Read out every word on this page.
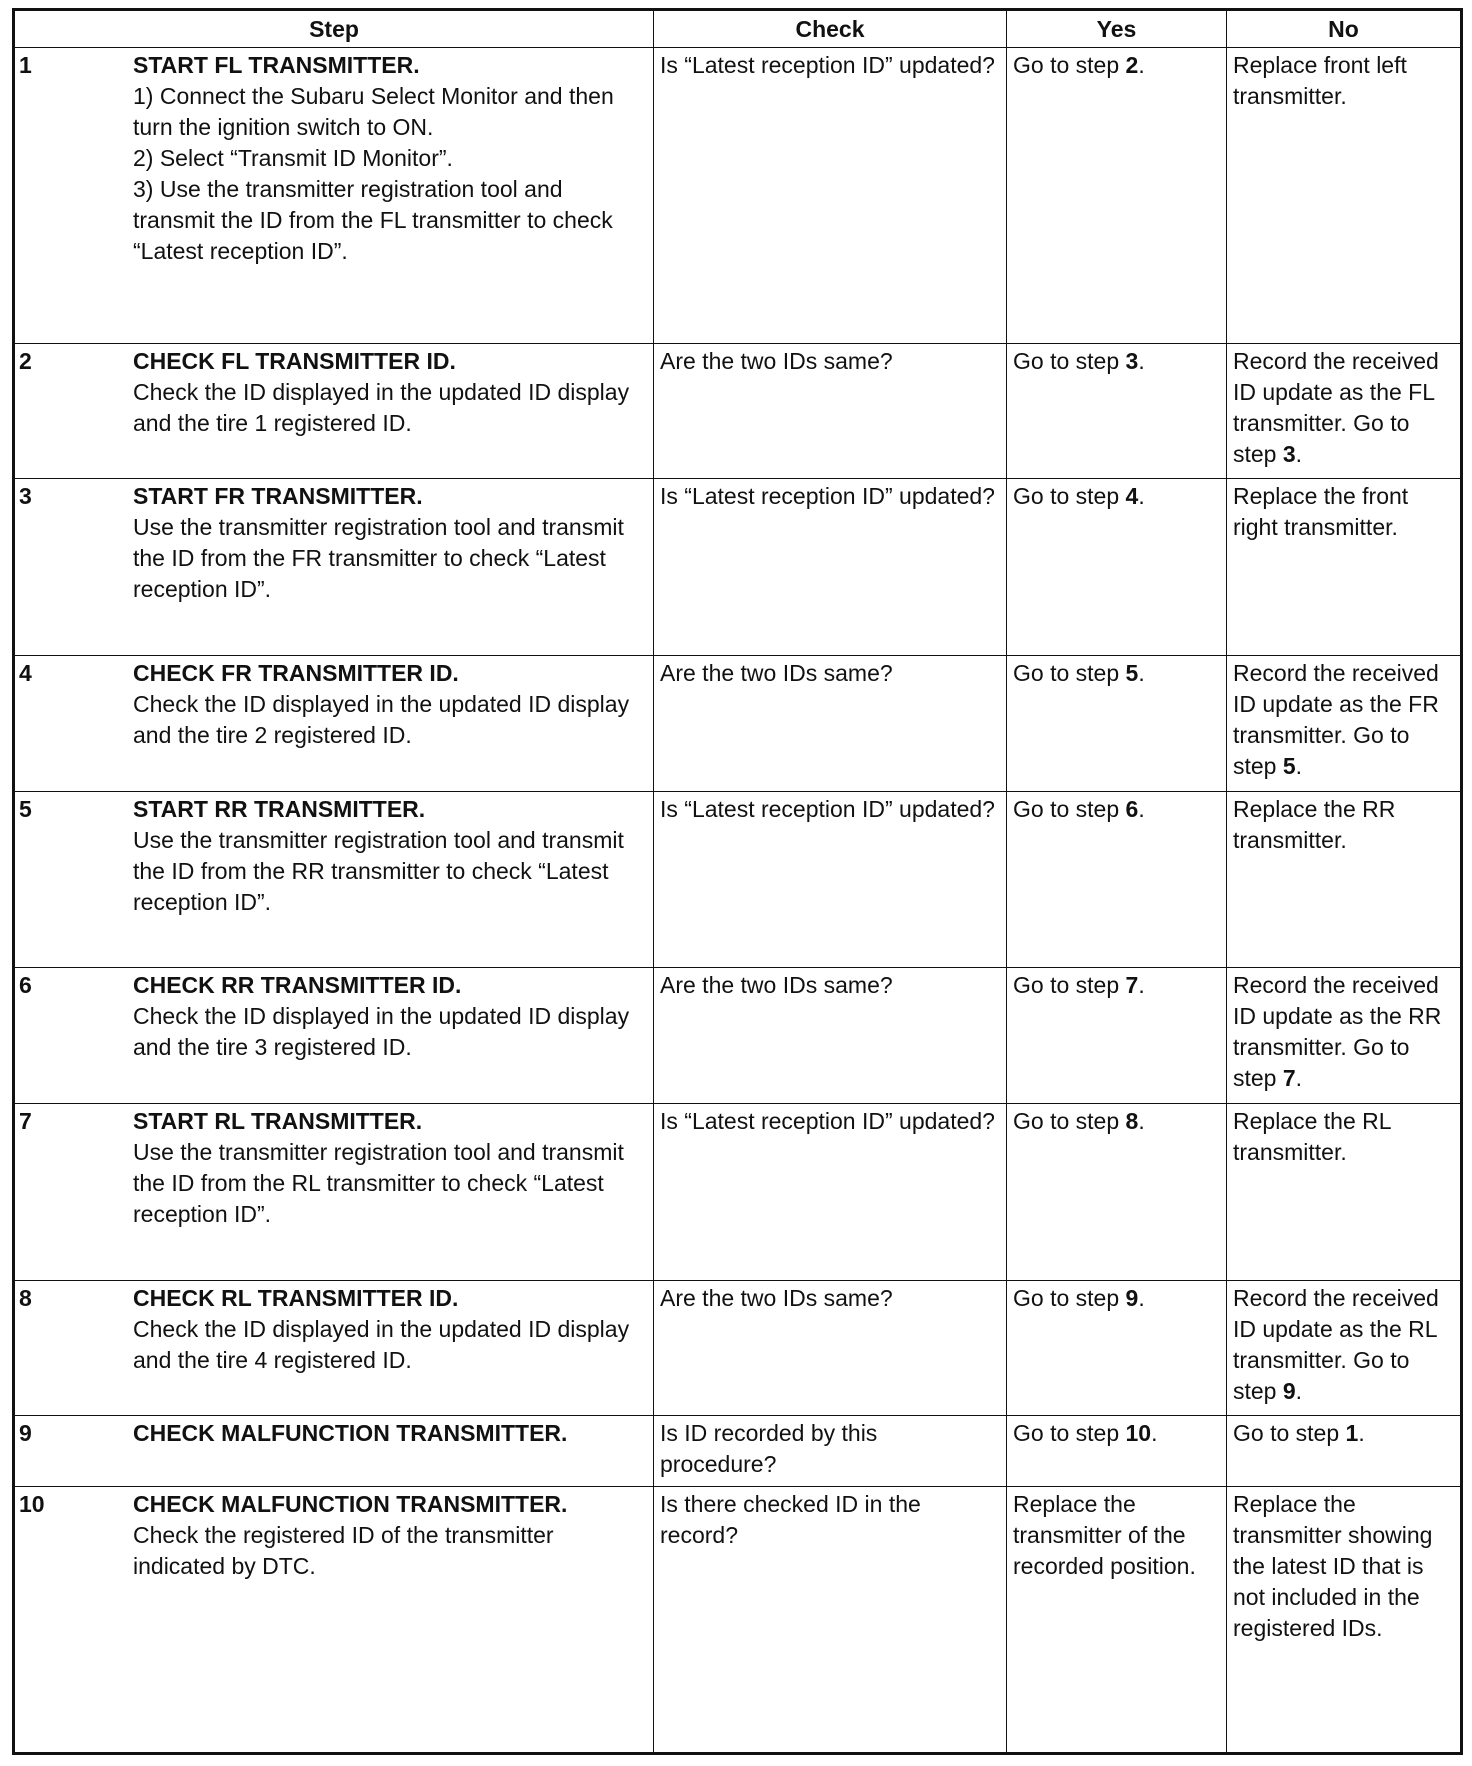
Step	Check	Yes	No

1 START FL TRANSMITTER.
1) Connect the Subaru Select Monitor and then turn the ignition switch to ON.
2) Select “Transmit ID Monitor”.
3) Use the transmitter registration tool and transmit the ID from the FL transmitter to check “Latest reception ID”.	Is “Latest reception ID” updated?	Go to step 2.	Replace front left transmitter.

2 CHECK FL TRANSMITTER ID.
Check the ID displayed in the updated ID display and the tire 1 registered ID.	Are the two IDs same?	Go to step 3.	Record the received ID update as the FL transmitter. Go to step 3.

3 START FR TRANSMITTER.
Use the transmitter registration tool and transmit the ID from the FR transmitter to check “Latest reception ID”.	Is “Latest reception ID” updated?	Go to step 4.	Replace the front right transmitter.

4 CHECK FR TRANSMITTER ID.
Check the ID displayed in the updated ID display and the tire 2 registered ID.	Are the two IDs same?	Go to step 5.	Record the received ID update as the FR transmitter. Go to step 5.

5 START RR TRANSMITTER.
Use the transmitter registration tool and transmit the ID from the RR transmitter to check “Latest reception ID”.	Is “Latest reception ID” updated?	Go to step 6.	Replace the RR transmitter.

6 CHECK RR TRANSMITTER ID.
Check the ID displayed in the updated ID display and the tire 3 registered ID.	Are the two IDs same?	Go to step 7.	Record the received ID update as the RR transmitter. Go to step 7.

7 START RL TRANSMITTER.
Use the transmitter registration tool and transmit the ID from the RL transmitter to check “Latest reception ID”.	Is “Latest reception ID” updated?	Go to step 8.	Replace the RL transmitter.

8 CHECK RL TRANSMITTER ID.
Check the ID displayed in the updated ID display and the tire 4 registered ID.	Are the two IDs same?	Go to step 9.	Record the received ID update as the RL transmitter. Go to step 9.

9 CHECK MALFUNCTION TRANSMITTER.	Is ID recorded by this procedure?	Go to step 10.	Go to step 1.

10 CHECK MALFUNCTION TRANSMITTER.
Check the registered ID of the transmitter indicated by DTC.	Is there checked ID in the record?	Replace the transmitter of the recorded position.	Replace the transmitter showing the latest ID that is not included in the registered IDs.
